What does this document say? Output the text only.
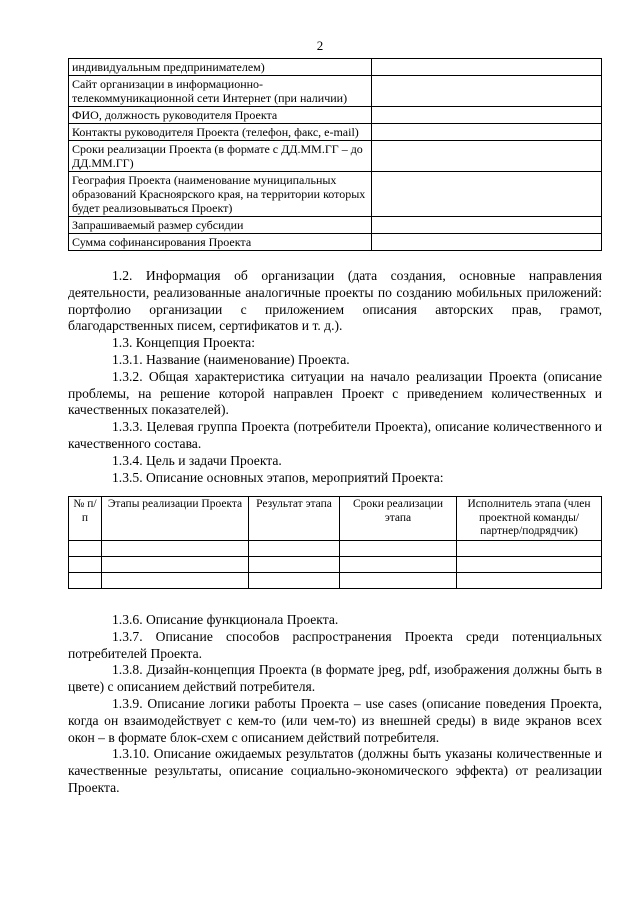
2
индивидуальным предпринимателем)	
Сайт организации в информационно-телекоммуникационной сети Интернет (при наличии)	
ФИО, должность руководителя Проекта	
Контакты руководителя Проекта (телефон, факс, e-mail)	
Сроки реализации Проекта (в формате с ДД.ММ.ГГ – до ДД.ММ.ГГ)	
География Проекта (наименование муниципальных образований Красноярского края, на территории которых будет реализовываться Проект)	
Запрашиваемый размер субсидии	
Сумма софинансирования Проекта	

1.2. Информация об организации (дата создания, основные направления деятельности, реализованные аналогичные проекты по созданию мобильных приложений: портфолио организации с приложением описания авторских прав, грамот, благодарственных писем, сертификатов и т. д.).

1.3. Концепция Проекта:

1.3.1. Название (наименование) Проекта.

1.3.2. Общая характеристика ситуации на начало реализации Проекта (описание проблемы, на решение которой направлен Проект с приведением количественных и качественных показателей).

1.3.3. Целевая группа Проекта (потребители Проекта), описание количественного и качественного состава.

1.3.4. Цель и задачи Проекта.

1.3.5. Описание основных этапов, мероприятий Проекта:

№ п/п	Этапы реализации Проекта	Результат этапа	Сроки реализации этапа	Исполнитель этапа (член проектной команды/партнер/подрядчик)

1.3.6. Описание функционала Проекта.

1.3.7. Описание способов распространения Проекта среди потенциальных потребителей Проекта.

1.3.8. Дизайн-концепция Проекта (в формате jpeg, pdf, изображения должны быть в цвете) с описанием действий потребителя.

1.3.9. Описание логики работы Проекта – use cases (описание поведения Проекта, когда он взаимодействует с кем-то (или чем-то) из внешней среды) в виде экранов всех окон – в формате блок-схем с описанием действий потребителя.

1.3.10. Описание ожидаемых результатов (должны быть указаны количественные и качественные результаты, описание социально-экономического эффекта) от реализации Проекта.
